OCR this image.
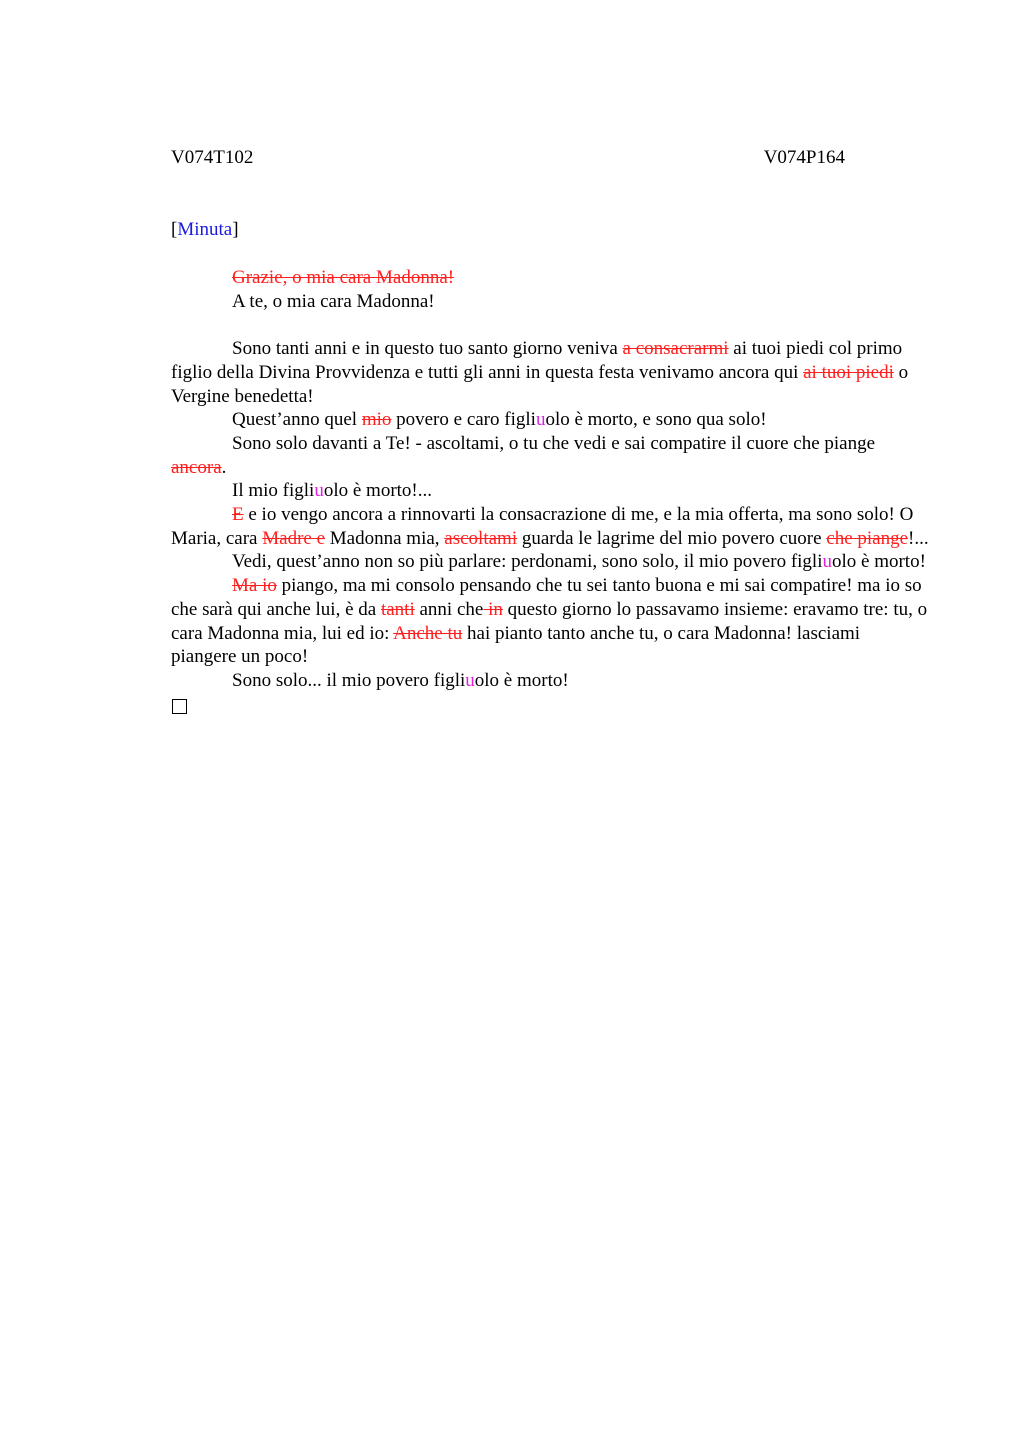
V074T102	V074P164
[Minuta]

Grazie, o mia cara Madonna!

A te, o mia cara Madonna!

Sono tanti anni e in questo tuo santo giorno veniva a consacrarmi ai tuoi piedi col primo figlio della Divina Provvidenza e tutti gli anni in questa festa venivamo ancora qui ai tuoi piedi o Vergine benedetta!

Quest’anno quel mio povero e caro figliuolo è morto, e sono qua solo!

Sono solo davanti a Te! - ascoltami, o tu che vedi e sai compatire il cuore che piange ancora.

Il mio figliuolo è morto!...

E e io vengo ancora a rinnovarti la consacrazione di me, e la mia offerta, ma sono solo! O Maria, cara Madre e Madonna mia, ascoltami guarda le lagrime del mio povero cuore che piange!...

Vedi, quest’anno non so più parlare: perdonami, sono solo, il mio povero figliuolo è morto!

Ma io piango, ma mi consolo pensando che tu sei tanto buona e mi sai compatire! ma io so che sarà qui anche lui, è da tanti anni che in questo giorno lo passavamo insieme: eravamo tre: tu, o cara Madonna mia, lui ed io: Anche tu hai pianto tanto anche tu, o cara Madonna! lasciami piangere un poco!

Sono solo... il mio povero figliuolo è morto!
